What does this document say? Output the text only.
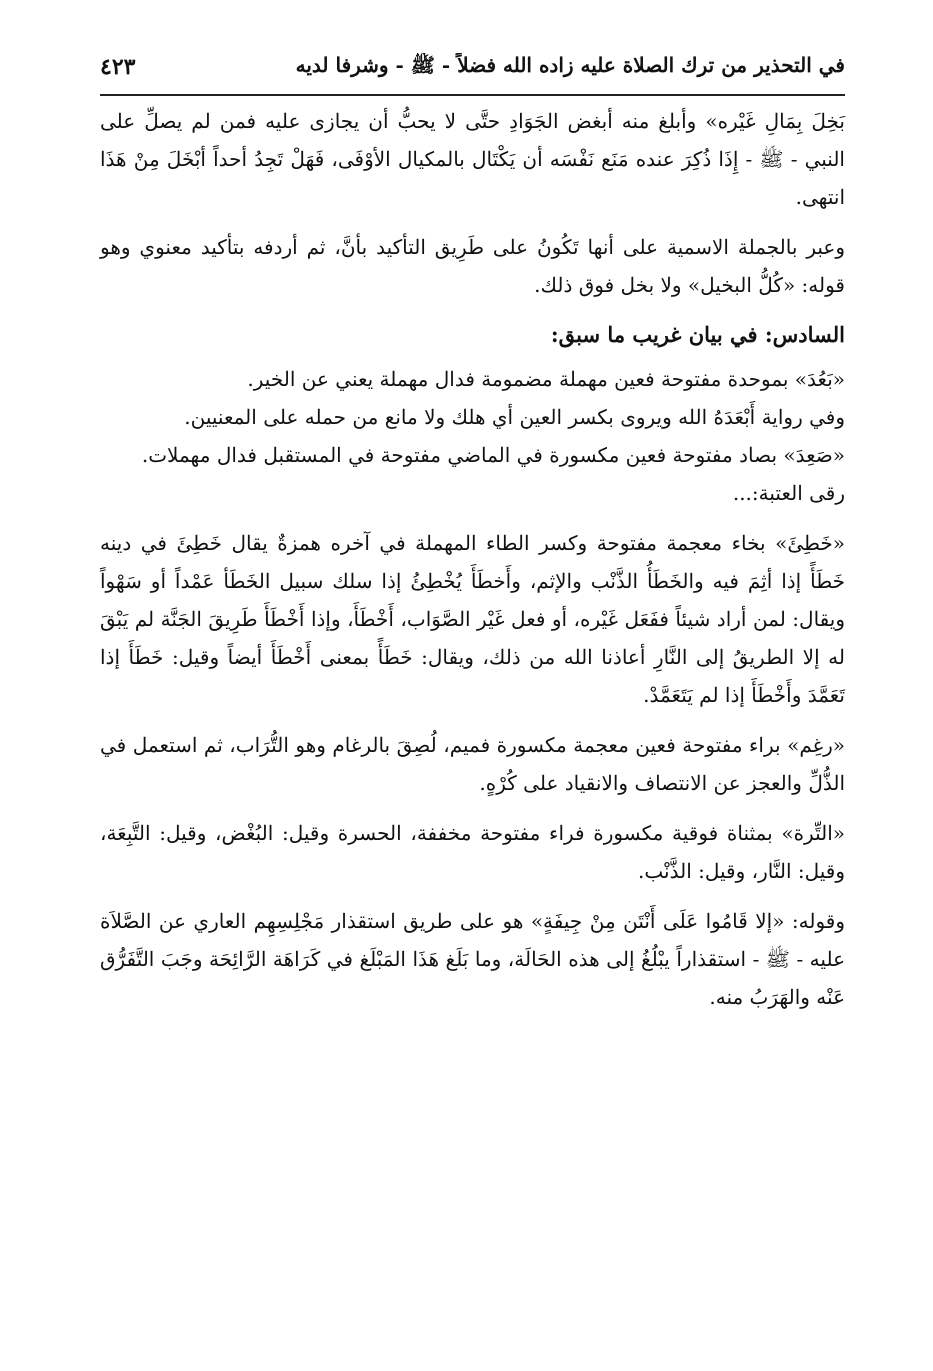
في التحذير من ترك الصلاة عليه زاده الله فضلاً - ﷺ - وشرفا لديه
٤٢٣

بَخِلَ بِمَالِ غَيْره» وأبلغ منه أبغض الجَوَادِ حتَّى لا يحبُّ أن يجازى عليه فمن لم يصلِّ على النبي - ﷺ - إِذَا ذُكِرَ عنده مَنَع نَفْسَه أن يَكْتَال بالمكيال الأوْفَى، فَهَلْ تَجِدُ أحداً أبْخَلَ مِنْ هَذَا انتهى.

وعبر بالجملة الاسمية على أنها تَكُونُ على طَرِيق التأكيد بأنَّ، ثم أردفه بتأكيد معنوي وهو قوله: «كُلُّ البخيل» ولا بخل فوق ذلك.

السادس: في بيان غريب ما سبق:

«بَعُدَ» بموحدة مفتوحة فعين مهملة مضمومة فدال مهملة يعني عن الخير.

وفي رواية أَبْعَدَهُ الله ويروى بكسر العين أي هلك ولا مانع من حمله على المعنيين.

«صَعِدَ» بصاد مفتوحة فعين مكسورة في الماضي مفتوحة في المستقبل فدال مهملات.

رقى العتبة:...

«خَطِئَ» بخاء معجمة مفتوحة وكسر الطاء المهملة في آخره همزةٌ يقال خَطِئَ في دينه خَطَأً إذا أثِمَ فيه والخَطَأُ الذَّنْب والإثم، وأَخطَأَ يُخْطِئُ إذا سلك سبيل الخَطَأ عَمْداً أو سَهْواً ويقال: لمن أراد شيئاً ففَعَل غَيْره، أو فعل غَيْر الصَّوَاب، أَخْطَأَ، وإذا أَخْطَأَ طَرِيقَ الجَنَّة لم يَبْقَ له إلا الطريقُ إلى النَّارِ أعاذنا الله من ذلك، ويقال: خَطَأً بمعنى أَخْطَأَ أيضاً وقيل: خَطَأَ إذا تَعَمَّدَ وأَخْطَأَ إذا لم يَتَعَمَّدْ.

«رغِم» براء مفتوحة فعين معجمة مكسورة فميم، لُصِقَ بالرغام وهو التُّرَاب، ثم استعمل في الذُّلِّ والعجز عن الانتصاف والانقياد على كُرْهٍ.

«التِّرة» بمثناة فوقية مكسورة فراء مفتوحة مخففة، الحسرة وقيل: البُغْض، وقيل: التَّبِعَة، وقيل: النَّار، وقيل: الذَّنْب.

وقوله: «إلا قَامُوا عَلَى أَنْتَن مِنْ جِيفَةٍ» هو على طريق استقذار مَجْلِسِهِم العاري عن الصَّلاَة عليه - ﷺ - استقذاراً يبْلُغُ إلى هذه الحَالَة، وما بَلَغ هَذَا المَبْلَغ في كَرَاهَة الرَّائِحَة وجَبَ التَّفَرُّق عَنْه والهَرَبُ منه.
